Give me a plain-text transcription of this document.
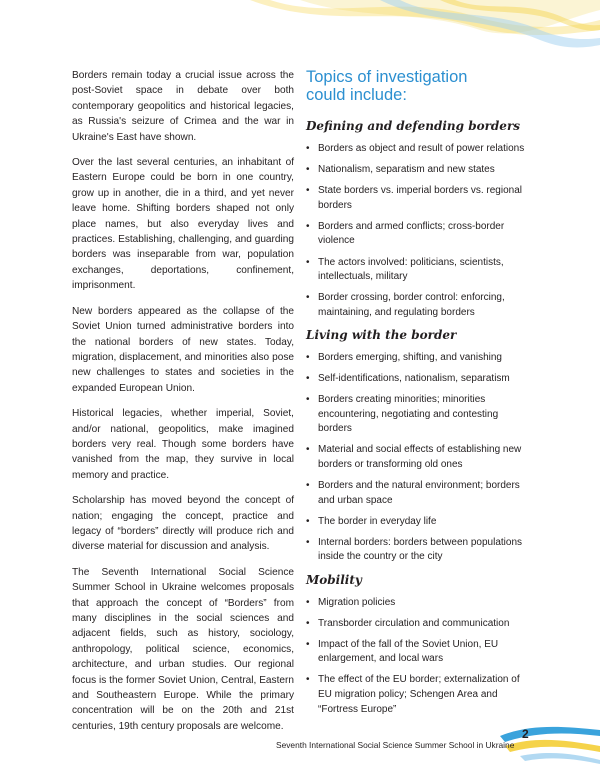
Borders remain today a crucial issue across the post-Soviet space in debate over both contemporary geopolitics and historical legacies, as Russia's seizure of Crimea and the war in Ukraine's East have shown.

Over the last several centuries, an inhabitant of Eastern Europe could be born in one country, grow up in another, die in a third, and yet never leave home. Shifting borders shaped not only place names, but also everyday lives and practices. Establishing, challenging, and guarding borders was inseparable from war, population exchanges, deportations, confinement, imprisonment.

New borders appeared as the collapse of the Soviet Union turned administrative borders into the national borders of new states. Today, migration, displacement, and minorities also pose new challenges to states and societies in the expanded European Union.

Historical legacies, whether imperial, Soviet, and/or national, geopolitics, make imagined borders very real. Though some borders have vanished from the map, they survive in local memory and practice.

Scholarship has moved beyond the concept of nation; engaging the concept, practice and legacy of “borders” directly will produce rich and diverse material for discussion and analysis.

The Seventh International Social Science Summer School in Ukraine welcomes proposals that approach the concept of “Borders” from many disciplines in the social sciences and adjacent fields, such as history, sociology, anthropology, political science, economics, architecture, and urban studies. Our regional focus is the former Soviet Union, Central, Eastern and Southeastern Europe. While the primary concentration will be on the 20th and 21st centuries, 19th century proposals are welcome.

Topics of investigation
could include:
Defining and defending borders
• Borders as object and result of power relations
• Nationalism, separatism and new states
• State borders vs. imperial borders vs. regional borders
• Borders and armed conflicts; cross-border violence
• The actors involved: politicians, scientists, intellectuals, military
• Border crossing, border control: enforcing, maintaining, and regulating borders
Living with the border
• Borders emerging, shifting, and vanishing
• Self-identifications, nationalism, separatism
• Borders creating minorities; minorities encountering, negotiating and contesting borders
• Material and social effects of establishing new borders or transforming old ones
• Borders and the natural environment; borders and urban space
• The border in everyday life
• Internal borders: borders between populations inside the country or the city
Mobility
• Migration policies
• Transborder circulation and communication
• Impact of the fall of the Soviet Union, EU enlargement, and local wars
• The effect of the EU border; externalization of EU migration policy; Schengen Area and “Fortress Europe”
2
Seventh International Social Science Summer School in Ukraine
